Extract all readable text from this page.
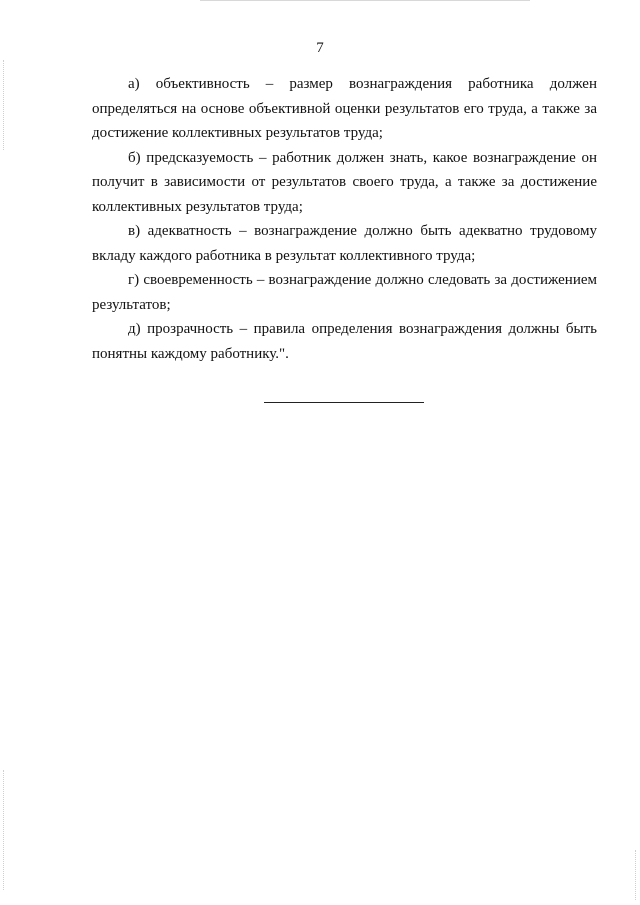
7

а) объективность – размер вознаграждения работника должен определяться на основе объективной оценки результатов его труда, а также за достижение коллективных результатов труда;

б) предсказуемость – работник должен знать, какое вознаграждение он получит в зависимости от результатов своего труда, а также за достижение коллективных результатов труда;

в) адекватность – вознаграждение должно быть адекватно трудовому вкладу каждого работника в результат коллективного труда;

г) своевременность – вознаграждение должно следовать за достижением результатов;

д) прозрачность – правила определения вознаграждения должны быть понятны каждому работнику.".
